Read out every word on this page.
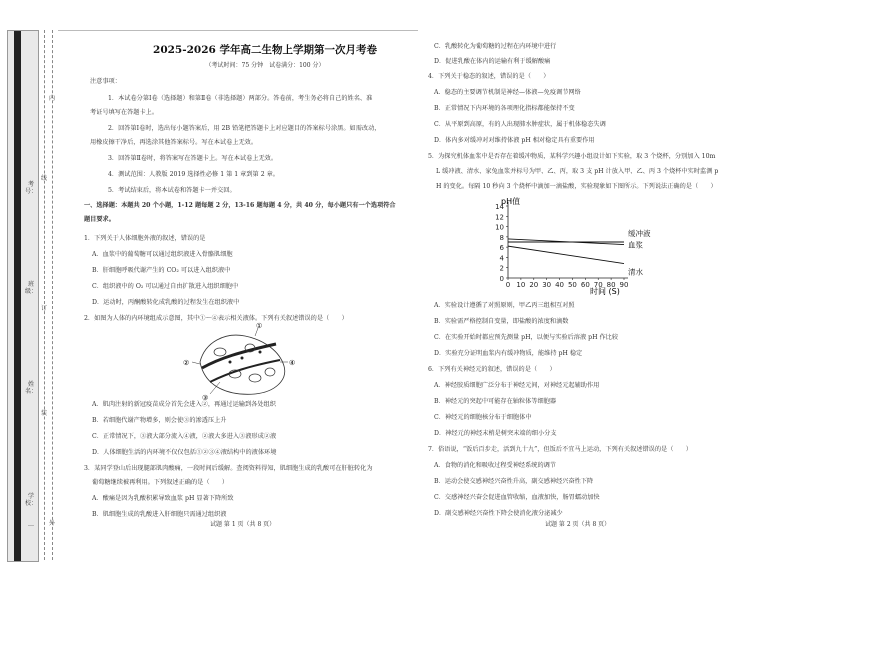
学校：
姓名：
班级：
考号：
…
线
订
装
内
外
2025-2026 学年高二生物上学期第一次月考卷
（考试时间：75 分钟　试卷满分：100 分）

注意事项：

1．本试卷分第Ⅰ卷（选择题）和第Ⅱ卷（非选择题）两部分。答卷前，考生务必将自己的姓名、准

考证号填写在答题卡上。

2．回答第Ⅰ卷时，选出每小题答案后，用 2B 铅笔把答题卡上对应题目的答案标号涂黑。如需改动，

用橡皮擦干净后，再选涂其他答案标号。写在本试卷上无效。

3．回答第Ⅱ卷时，将答案写在答题卡上。写在本试卷上无效。

4．测试范围：人教版 2019 选择性必修 1 第 1 章到第 2 章。

5．考试结束后，将本试卷和答题卡一并交回。

一、选择题：本题共 20 个小题，1-12 题每题 2 分，13-16 题每题 4 分，共 40 分，每小题只有一个选项符合

题目要求。

1．下列关于人体细胞外液的叙述，错误的是

A．血浆中的葡萄糖可以通过组织液进入骨骼肌细胞

B．肝细胞呼吸代谢产生的 CO₂ 可以进入组织液中

C．组织液中的 O₂ 可以通过自由扩散进入组织细胞中

D．运动时，丙酮酸转化成乳酸的过程发生在组织液中

2．如图为人体的内环境组成示意图，其中①～④表示相关液体。下列有关叙述错误的是（　　）

①
②
③
④

A．肌肉注射的新冠疫苗成分首先会进入②，再通过运输到各处组织

B．若细胞代谢产物增多，则会使③的渗透压上升

C．正常情况下，③液大部分流入④液，②液大多进入③液形成②液

D．人体细胞生活的内环境不仅仅包括①②③④液结构中的液体环境

3．某同学登山后出现腿部肌肉酸痛，一段时间后缓解。查阅资料得知，肌细胞生成的乳酸可在肝脏转化为

葡萄糖继续被再利用。下列叙述正确的是（　　）

A．酸痛是因为乳酸积累导致血浆 pH 显著下降所致

B．肌细胞生成的乳酸进入肝细胞只需通过组织液

试题 第 1 页（共 8 页）

C．乳酸转化为葡萄糖的过程在内环境中进行

D．促进乳酸在体内的运输有利于缓解酸痛

4．下列关于稳态的叙述，错误的是（　　）

A．稳态的主要调节机制是神经—体液—免疫调节网络

B．正常情况下内环境的各项理化指标都能保持不变

C．从平原到高原，有的人出现肺水肿症状，属于机体稳态失调

D．体内多对缓冲对对维持体液 pH 相对稳定具有重要作用

5．为探究机体血浆中是否存在着缓冲物质，某科学兴趣小组设计如下实验，取 3 个烧杯，分别加入 10m

L 缓冲液、清水、家兔血浆并标号为甲、乙、丙，取 3 支 pH 计放入甲、乙、丙 3 个烧杯中实时监测 p

H 的变化。每隔 10 秒向 3 个烧杯中滴加一滴盐酸，实验现象如下图所示。下列说法正确的是（　　）

0
2
4
6
8
10
12
14
0 10 20 30 40 50 60 70 80 90
缓冲液
血浆
清水
pH值
时间 (S)

A．实验设计遵循了对照原则，甲乙丙三组相互对照

B．实验需严格控制自变量，即盐酸的浓度和滴数

C．在实验开始时都应预先测量 pH，以便与实验后溶液 pH 作比较

D．实验充分证明血浆内有缓冲物质，能维持 pH 稳定

6．下列有关神经元的叙述，错误的是（　　）

A．神经胶质细胞广泛分布于神经元间，对神经元起辅助作用

B．神经元的突起中可能存在轴粒体等细胞器

C．神经元的细胞核分布于细胞体中

D．神经元的神经末梢是树突末端的细小分支

7．俗语说，“饭后百步走，活到九十九”，但饭后不宜马上运动，下列有关叙述错误的是（　　）

A．食物的消化和吸收过程受神经系统的调节

B．运动会使交感神经兴奋性升高，副交感神经兴奋性下降

C．交感神经兴奋会促进血管收缩，血液加快，肠胃蠕动加快

D．副交感神经兴奋性下降会使消化液分泌减少

试题 第 2 页（共 8 页）
